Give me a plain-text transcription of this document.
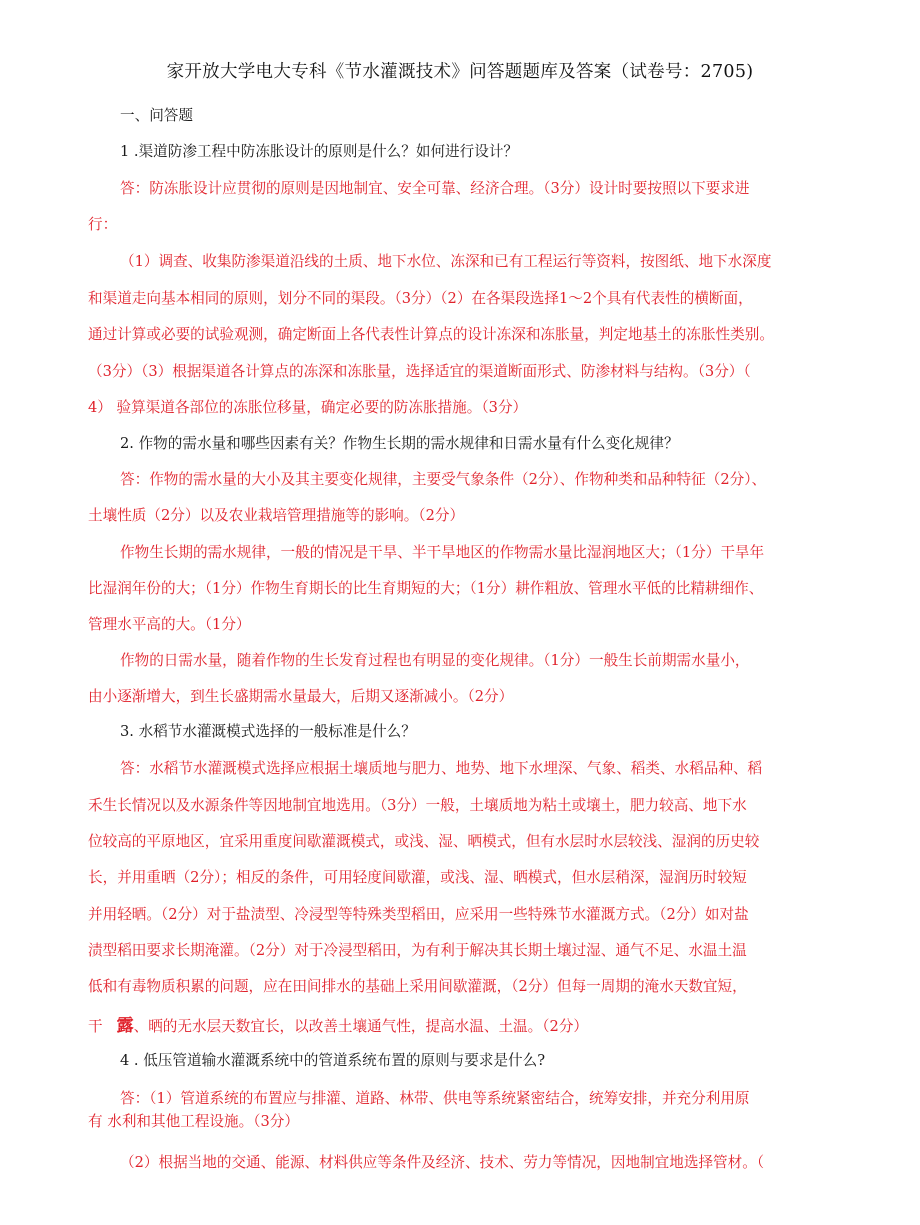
家开放大学电大专科《节水灌溉技术》问答题题库及答案（试卷号：2705)
一、问答题
1 .渠道防渗工程中防冻胀设计的原则是什么？如何进行设计？
答：防冻胀设计应贯彻的原则是因地制宜、安全可靠、经济合理。（3分）设计时要按照以下要求进
行：
（1）调查、收集防渗渠道沿线的土质、地下水位、冻深和已有工程运行等资料，按图纸、地下水深度
和渠道走向基本相同的原则，划分不同的渠段。（3分）（2）在各渠段选择1～2个具有代表性的横断面，
通过计算或必要的试验观测，确定断面上各代表性计算点的设计冻深和冻胀量，判定地基土的冻胀性类别。
（3分）（3）根据渠道各计算点的冻深和冻胀量，选择适宜的渠道断面形式、防渗材料与结构。（3分）（
4） 验算渠道各部位的冻胀位移量，确定必要的防冻胀措施。（3分）
2. 作物的需水量和哪些因素有关？作物生长期的需水规律和日需水量有什么变化规律？
答：作物的需水量的大小及其主要变化规律，主要受气象条件（2分）、作物种类和品种特征（2分）、
土壤性质（2分）以及农业栽培管理措施等的影响。（2分）
作物生长期的需水规律，一般的情况是干旱、半干旱地区的作物需水量比湿润地区大；（1分）干旱年
比湿润年份的大；（1分）作物生育期长的比生育期短的大；（1分）耕作粗放、管理水平低的比精耕细作、
管理水平高的大。（1分）
作物的日需水量，随着作物的生长发育过程也有明显的变化规律。（1分）一般生长前期需水量小，
由小逐渐增大，到生长盛期需水量最大，后期又逐渐减小。（2分）
3. 水稻节水灌溉模式选择的一般标准是什么？
答：水稻节水灌溉模式选择应根据土壤质地与肥力、地势、地下水埋深、气象、稻类、水稻品种、稻
禾生长情况以及水源条件等因地制宜地选用。（3分）一般，土壤质地为粘土或壤土，肥力较高、地下水
位较高的平原地区，宜采用重度间歇灌溉模式，或浅、湿、晒模式，但有水层时水层较浅、湿润的历史较
长，并用重晒（2分）；相反的条件，可用轻度间歇灌，或浅、湿、晒模式，但水层稍深，湿润历时较短
并用轻晒。（2分）对于盐渍型、冷浸型等特殊类型稻田，应采用一些特殊节水灌溉方式。（2分）如对盐
渍型稻田要求长期淹灌。（2分）对于冷浸型稻田，为有利于解决其长期土壤过湿、通气不足、水温土温
低和有毒物质积累的问题，应在田间排水的基础上采用间歇灌溉，（2分）但每一周期的淹水天数宜短，
干 露、晒的无水层天数宜长，以改善土壤通气性，提高水温、土温。（2分）
4 . 低压管道输水灌溉系统中的管道系统布置的原则与要求是什么?
答：（1）管道系统的布置应与排灌、道路、林带、供电等系统紧密结合，统筹安排，并充分利用原
有 水利和其他工程设施。（3分）
（2）根据当地的交通、能源、材料供应等条件及经济、技术、劳力等情况，因地制宜地选择管材。（
